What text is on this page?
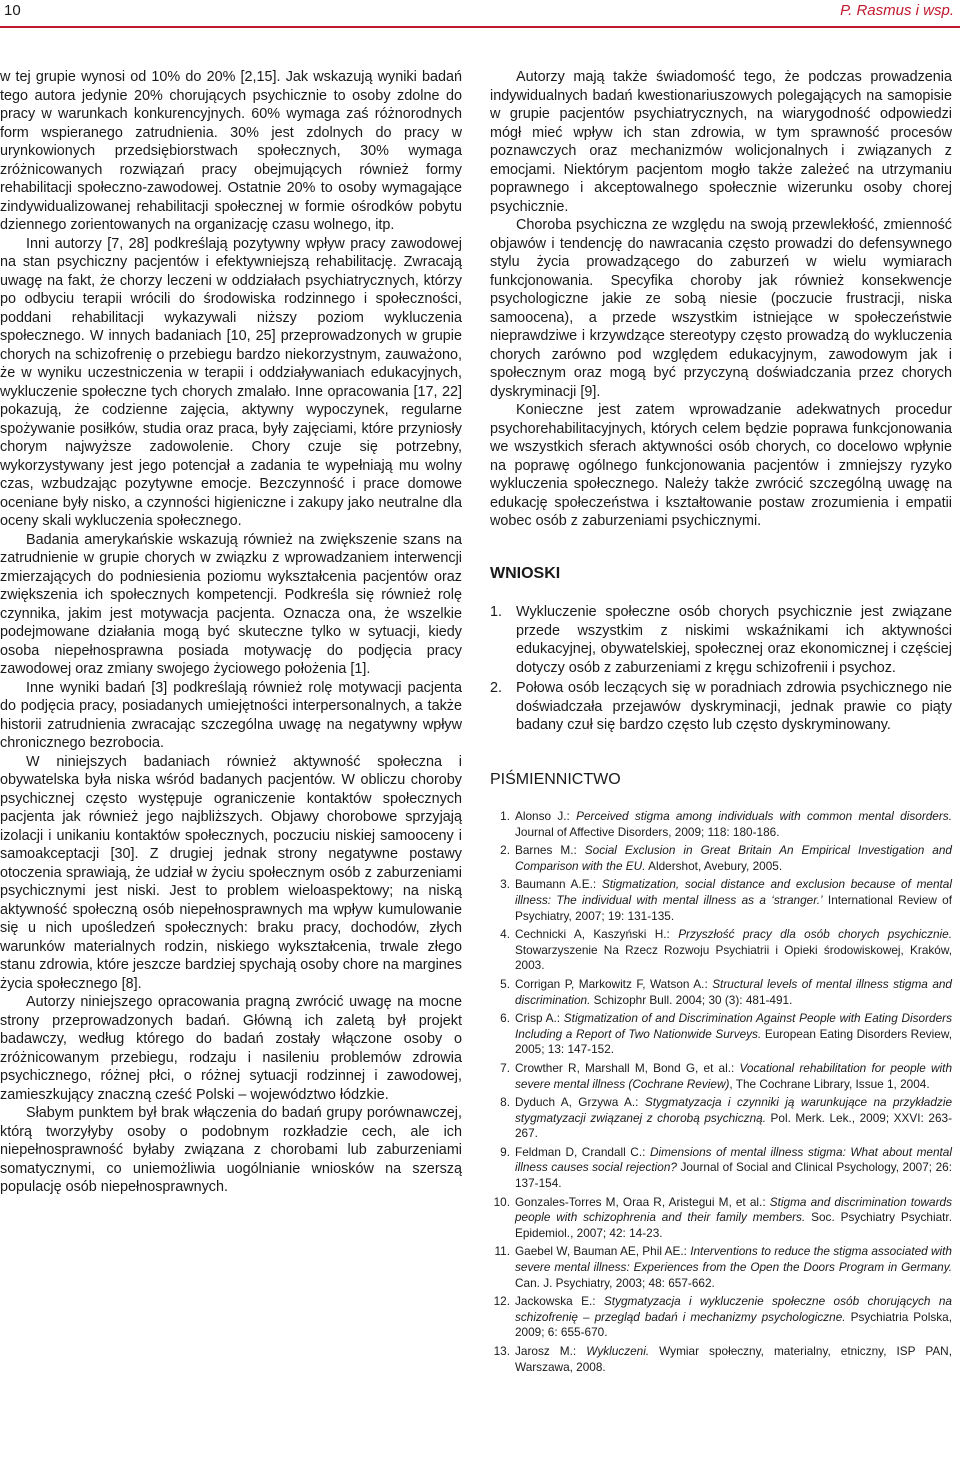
10	P. Rasmus i wsp.

w tej grupie wynosi od 10% do 20% [2,15]. Jak wskazują wyniki badań tego autora jedynie 20% chorujących psychicznie to osoby zdolne do pracy w warunkach konkurencyjnych. 60% wymaga zaś różnorodnych form wspieranego zatrudnienia. 30% jest zdolnych do pracy w urynkowionych przedsiębiorstwach społecznych, 30% wymaga zróżnicowanych rozwiązań pracy obejmujących również formy rehabilitacji społeczno-zawodowej. Ostatnie 20% to osoby wymagające zindywidualizowanej rehabilitacji społecznej w formie ośrodków pobytu dziennego zorientowanych na organizację czasu wolnego, itp.

Inni autorzy [7, 28] podkreślają pozytywny wpływ pracy zawodowej na stan psychiczny pacjentów i efektywniejszą rehabilitację. Zwracają uwagę na fakt, że chorzy leczeni w oddziałach psychiatrycznych, którzy po odbyciu terapii wrócili do środowiska rodzinnego i społeczności, poddani rehabilitacji wykazywali niższy poziom wykluczenia społecznego. W innych badaniach [10, 25] przeprowadzonych w grupie chorych na schizofrenię o przebiegu bardzo niekorzystnym, zauważono, że w wyniku uczestniczenia w terapii i oddziaływaniach edukacyjnych, wykluczenie społeczne tych chorych zmalało. Inne opracowania [17, 22] pokazują, że codzienne zajęcia, aktywny wypoczynek, regularne spożywanie posiłków, studia oraz praca, były zajęciami, które przyniosły chorym najwyższe zadowolenie. Chory czuje się potrzebny, wykorzystywany jest jego potencjał a zadania te wypełniają mu wolny czas, wzbudzając pozytywne emocje. Bezczynność i prace domowe oceniane były nisko, a czynności higieniczne i zakupy jako neutralne dla oceny skali wykluczenia społecznego.

Badania amerykańskie wskazują również na zwiększenie szans na zatrudnienie w grupie chorych w związku z wprowadzaniem interwencji zmierzających do podniesienia poziomu wykształcenia pacjentów oraz zwiększenia ich społecznych kompetencji. Podkreśla się również rolę czynnika, jakim jest motywacja pacjenta. Oznacza ona, że wszelkie podejmowane działania mogą być skuteczne tylko w sytuacji, kiedy osoba niepełnosprawna posiada motywację do podjęcia pracy zawodowej oraz zmiany swojego życiowego położenia [1].

Inne wyniki badań [3] podkreślają również rolę motywacji pacjenta do podjęcia pracy, posiadanych umiejętności interpersonalnych, a także historii zatrudnienia zwracając szczególna uwagę na negatywny wpływ chronicznego bezrobocia.

W niniejszych badaniach również aktywność społeczna i obywatelska była niska wśród badanych pacjentów. W obliczu choroby psychicznej często występuje ograniczenie kontaktów społecznych pacjenta jak również jego najbliższych. Objawy chorobowe sprzyjają izolacji i unikaniu kontaktów społecznych, poczuciu niskiej samooceny i samoakceptacji [30]. Z drugiej jednak strony negatywne postawy otoczenia sprawiają, że udział w życiu społecznym osób z zaburzeniami psychicznymi jest niski. Jest to problem wieloaspektowy; na niską aktywność społeczną osób niepełnosprawnych ma wpływ kumulowanie się u nich upośledzeń społecznych: braku pracy, dochodów, złych warunków materialnych rodzin, niskiego wykształcenia, trwale złego stanu zdrowia, które jeszcze bardziej spychają osoby chore na margines życia społecznego [8].

Autorzy niniejszego opracowania pragną zwrócić uwagę na mocne strony przeprowadzonych badań. Główną ich zaletą był projekt badawczy, według którego do badań zostały włączone osoby o zróżnicowanym przebiegu, rodzaju i nasileniu problemów zdrowia psychicznego, różnej płci, o różnej sytuacji rodzinnej i zawodowej, zamieszkujący znaczną cześć Polski – województwo łódzkie.

Słabym punktem był brak włączenia do badań grupy porównawczej, którą tworzyłyby osoby o podobnym rozkładzie cech, ale ich niepełnosprawność byłaby związana z chorobami lub zaburzeniami somatycznymi, co uniemożliwia uogólnianie wniosków na szerszą populację osób niepełnosprawnych.

Autorzy mają także świadomość tego, że podczas prowadzenia indywidualnych badań kwestionariuszowych polegających na samopisie w grupie pacjentów psychiatrycznych, na wiarygodność odpowiedzi mógł mieć wpływ ich stan zdrowia, w tym sprawność procesów poznawczych oraz mechanizmów wolicjonalnych i związanych z emocjami. Niektórym pacjentom mogło także zależeć na utrzymaniu poprawnego i akceptowalnego społecznie wizerunku osoby chorej psychicznie.

Choroba psychiczna ze względu na swoją przewlekłość, zmienność objawów i tendencję do nawracania często prowadzi do defensywnego stylu życia prowadzącego do zaburzeń w wielu wymiarach funkcjonowania. Specyfika choroby jak również konsekwencje psychologiczne jakie ze sobą niesie (poczucie frustracji, niska samoocena), a przede wszystkim istniejące w społeczeństwie nieprawdziwe i krzywdzące stereotypy często prowadzą do wykluczenia chorych zarówno pod względem edukacyjnym, zawodowym jak i społecznym oraz mogą być przyczyną doświadczania przez chorych dyskryminacji [9].

Konieczne jest zatem wprowadzanie adekwatnych procedur psychorehabilitacyjnych, których celem będzie poprawa funkcjonowania we wszystkich sferach aktywności osób chorych, co docelowo wpłynie na poprawę ogólnego funkcjonowania pacjentów i zmniejszy ryzyko wykluczenia społecznego. Należy także zwrócić szczególną uwagę na edukację społeczeństwa i kształtowanie postaw zrozumienia i empatii wobec osób z zaburzeniami psychicznymi.

WNIOSKI
1. Wykluczenie społeczne osób chorych psychicznie jest związane przede wszystkim z niskimi wskaźnikami ich aktywności edukacyjnej, obywatelskiej, społecznej oraz ekonomicznej i częściej dotyczy osób z zaburzeniami z kręgu schizofrenii i psychoz.
2. Połowa osób leczących się w poradniach zdrowia psychicznego nie doświadczała przejawów dyskryminacji, jednak prawie co piąty badany czuł się bardzo często lub często dyskryminowany.
PIŚMIENNICTWO
1. Alonso J.: Perceived stigma among individuals with common mental disorders. Journal of Affective Disorders, 2009; 118: 180-186.
2. Barnes M.: Social Exclusion in Great Britain An Empirical Investigation and Comparison with the EU. Aldershot, Avebury, 2005.
3. Baumann A.E.: Stigmatization, social distance and exclusion because of mental illness: The individual with mental illness as a ‘stranger.’ International Review of Psychiatry, 2007; 19: 131-135.
4. Cechnicki A, Kaszyński H.: Przyszłość pracy dla osób chorych psychicznie. Stowarzyszenie Na Rzecz Rozwoju Psychiatrii i Opieki środowiskowej, Kraków, 2003.
5. Corrigan P, Markowitz F, Watson A.: Structural levels of mental illness stigma and discrimination. Schizophr Bull. 2004; 30 (3): 481-491.
6. Crisp A.: Stigmatization of and Discrimination Against People with Eating Disorders Including a Report of Two Nationwide Surveys. European Eating Disorders Review, 2005; 13: 147-152.
7. Crowther R, Marshall M, Bond G, et al.: Vocational rehabilitation for people with severe mental illness (Cochrane Review), The Cochrane Library, Issue 1, 2004.
8. Dyduch A, Grzywa A.: Stygmatyzacja i czynniki ją warunkujące na przykładzie stygmatyzacji związanej z chorobą psychiczną. Pol. Merk. Lek., 2009; XXVI: 263-267.
9. Feldman D, Crandall C.: Dimensions of mental illness stigma: What about mental illness causes social rejection? Journal of Social and Clinical Psychology, 2007; 26: 137-154.
10. Gonzales-Torres M, Oraa R, Aristegui M, et al.: Stigma and discrimination towards people with schizophrenia and their family members. Soc. Psychiatry Psychiatr. Epidemiol., 2007; 42: 14-23.
11. Gaebel W, Bauman AE, Phil AE.: Interventions to reduce the stigma associated with severe mental illness: Experiences from the Open the Doors Program in Germany. Can. J. Psychiatry, 2003; 48: 657-662.
12. Jackowska E.: Stygmatyzacja i wykluczenie społeczne osób chorujących na schizofrenię – przegląd badań i mechanizmy psychologiczne. Psychiatria Polska, 2009; 6: 655-670.
13. Jarosz M.: Wykluczeni. Wymiar społeczny, materialny, etniczny, ISP PAN, Warszawa, 2008.
